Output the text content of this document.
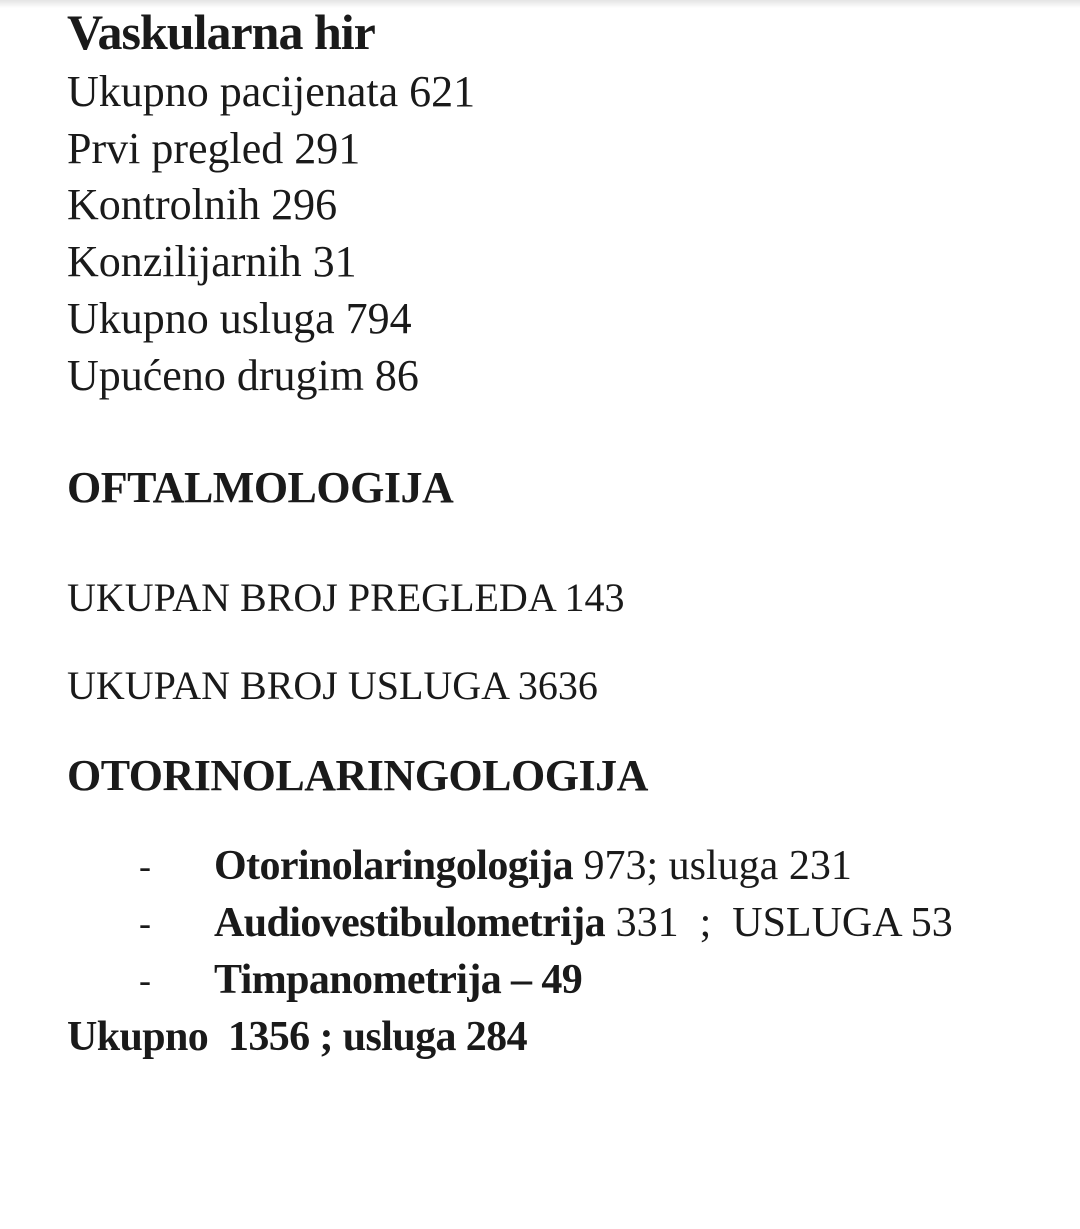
Vaskularna hir
Ukupno pacijenata 621
Prvi pregled 291
Kontrolnih 296
Konzilijarnih 31
Ukupno usluga 794
Upućeno drugim 86
OFTALMOLOGIJA
UKUPAN BROJ PREGLEDA 143
UKUPAN BROJ USLUGA 3636
OTORINOLARINGOLOGIJA
- Otorinolaringologija 973; usluga 231
- Audiovestibulometrija 331  ;  USLUGA 53
- Timpanometrija – 49
Ukupno  1356 ; usluga 284
